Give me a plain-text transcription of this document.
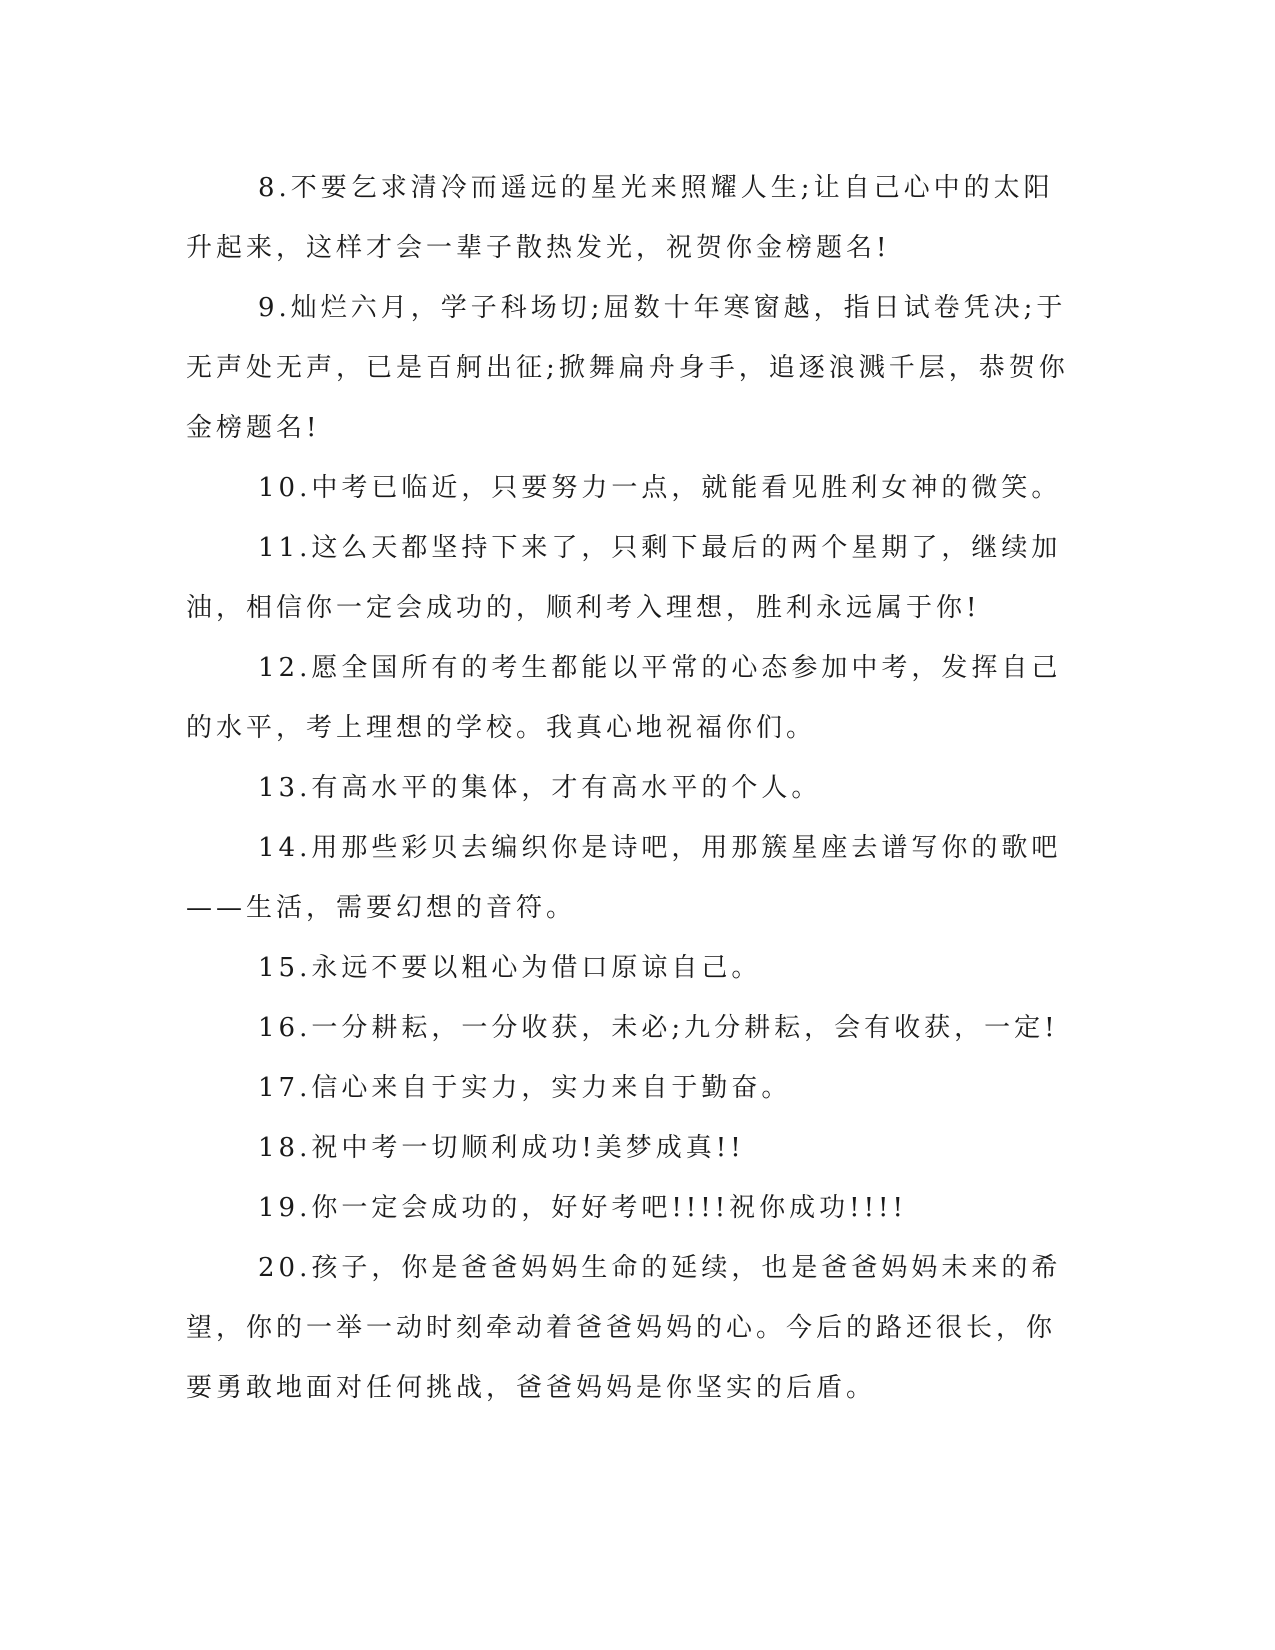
8.不要乞求清冷而遥远的星光来照耀人生;让自己心中的太阳升起来，这样才会一辈子散热发光，祝贺你金榜题名!

9.灿烂六月，学子科场切;屈数十年寒窗越，指日试卷凭决;于无声处无声，已是百舸出征;掀舞扁舟身手，追逐浪溅千层，恭贺你金榜题名!

10.中考已临近，只要努力一点，就能看见胜利女神的微笑。

11.这么天都坚持下来了，只剩下最后的两个星期了，继续加油，相信你一定会成功的，顺利考入理想，胜利永远属于你!

12.愿全国所有的考生都能以平常的心态参加中考，发挥自己的水平，考上理想的学校。我真心地祝福你们。

13.有高水平的集体，才有高水平的个人。

14.用那些彩贝去编织你是诗吧，用那簇星座去谱写你的歌吧——生活，需要幻想的音符。

15.永远不要以粗心为借口原谅自己。

16.一分耕耘，一分收获，未必;九分耕耘，会有收获，一定!

17.信心来自于实力，实力来自于勤奋。

18.祝中考一切顺利成功!美梦成真!!

19.你一定会成功的，好好考吧!!!!祝你成功!!!!

20.孩子，你是爸爸妈妈生命的延续，也是爸爸妈妈未来的希望，你的一举一动时刻牵动着爸爸妈妈的心。今后的路还很长，你要勇敢地面对任何挑战，爸爸妈妈是你坚实的后盾。
